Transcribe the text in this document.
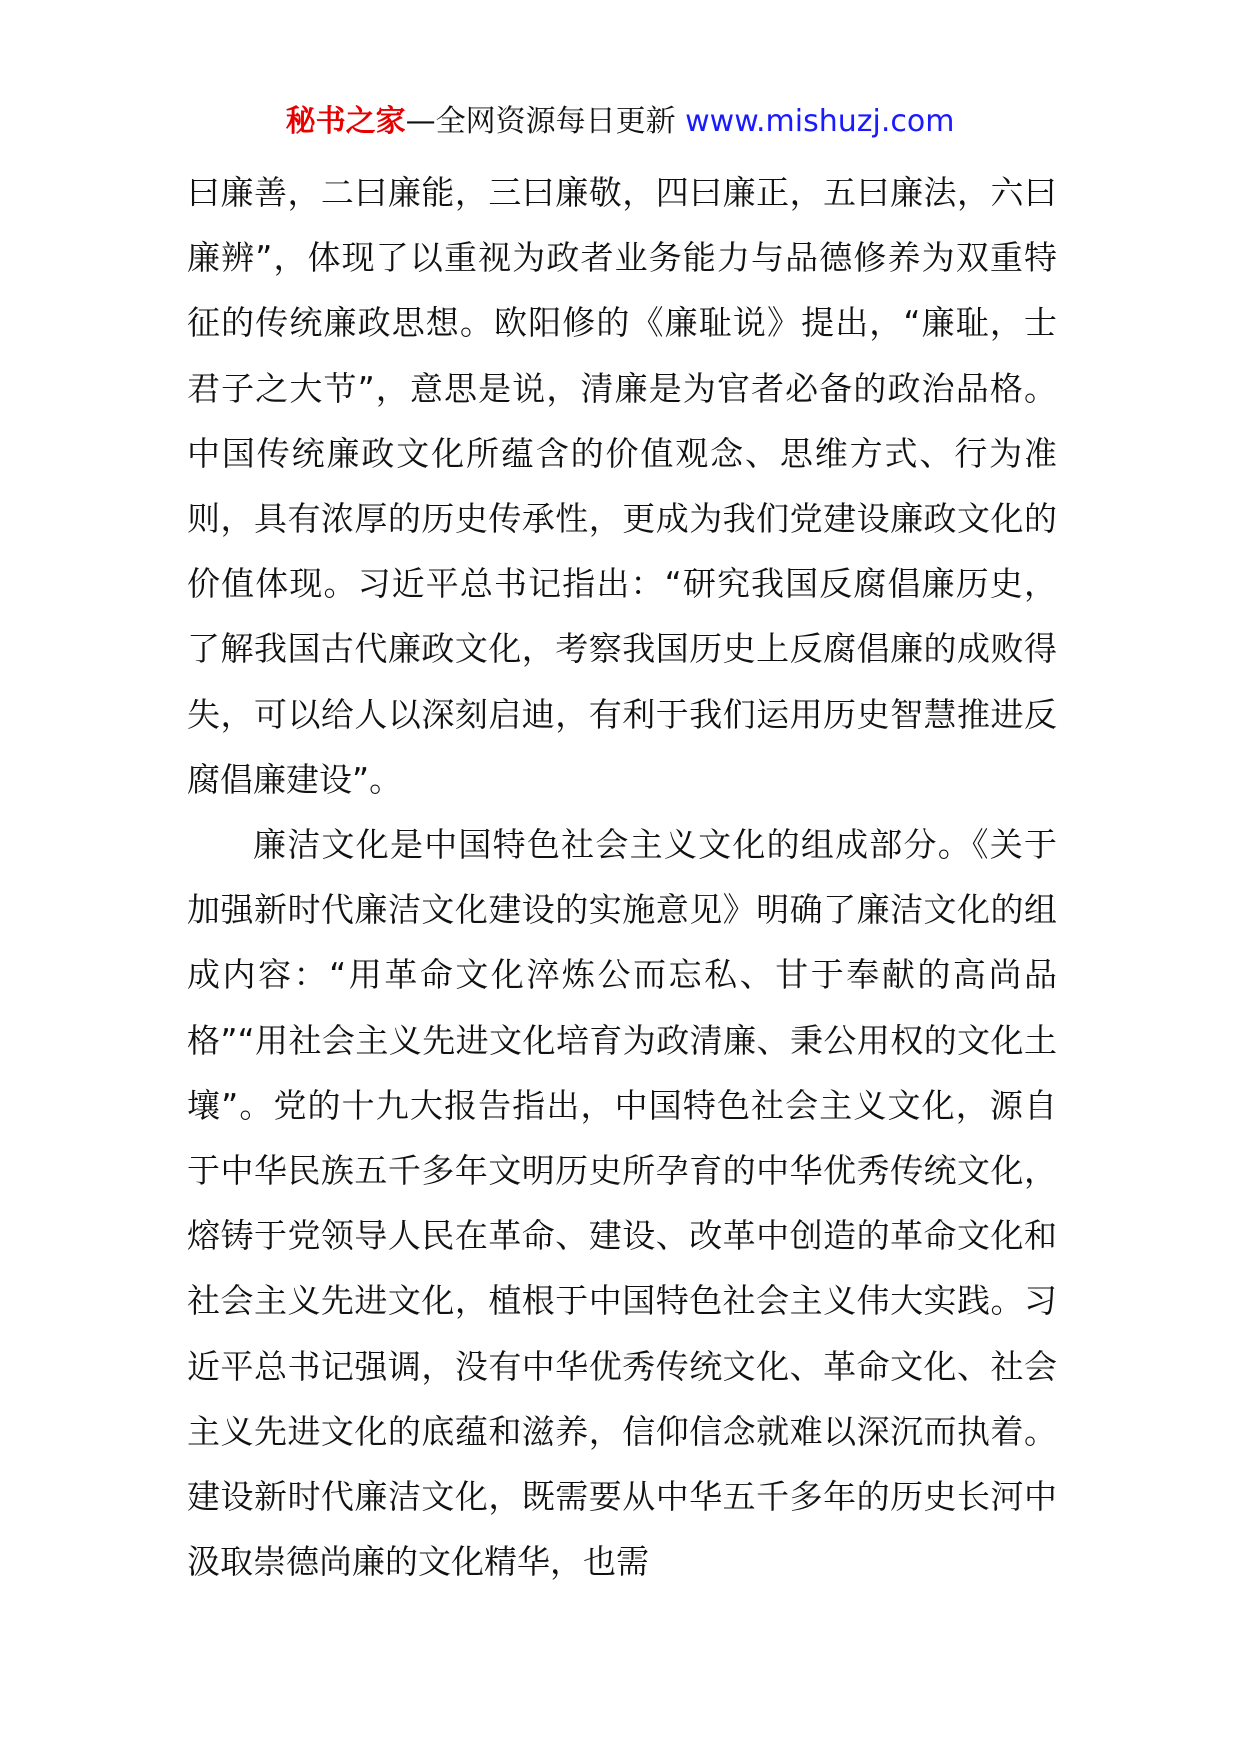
秘书之家—全网资源每日更新 www.mishuzj.com

曰廉善，二曰廉能，三曰廉敬，四曰廉正，五曰廉法，六曰廉辨”，体现了以重视为政者业务能力与品德修养为双重特征的传统廉政思想。欧阳修的《廉耻说》提出，“廉耻，士君子之大节”，意思是说，清廉是为官者必备的政治品格。中国传统廉政文化所蕴含的价值观念、思维方式、行为准则，具有浓厚的历史传承性，更成为我们党建设廉政文化的价值体现。习近平总书记指出：“研究我国反腐倡廉历史，了解我国古代廉政文化，考察我国历史上反腐倡廉的成败得失，可以给人以深刻启迪，有利于我们运用历史智慧推进反腐倡廉建设”。

廉洁文化是中国特色社会主义文化的组成部分。《关于加强新时代廉洁文化建设的实施意见》明确了廉洁文化的组成内容：“用革命文化淬炼公而忘私、甘于奉献的高尚品格”“用社会主义先进文化培育为政清廉、秉公用权的文化土壤”。党的十九大报告指出，中国特色社会主义文化，源自于中华民族五千多年文明历史所孕育的中华优秀传统文化，熔铸于党领导人民在革命、建设、改革中创造的革命文化和社会主义先进文化，植根于中国特色社会主义伟大实践。习近平总书记强调，没有中华优秀传统文化、革命文化、社会主义先进文化的底蕴和滋养，信仰信念就难以深沉而执着。建设新时代廉洁文化，既需要从中华五千多年的历史长河中汲取崇德尚廉的文化精华，也需
